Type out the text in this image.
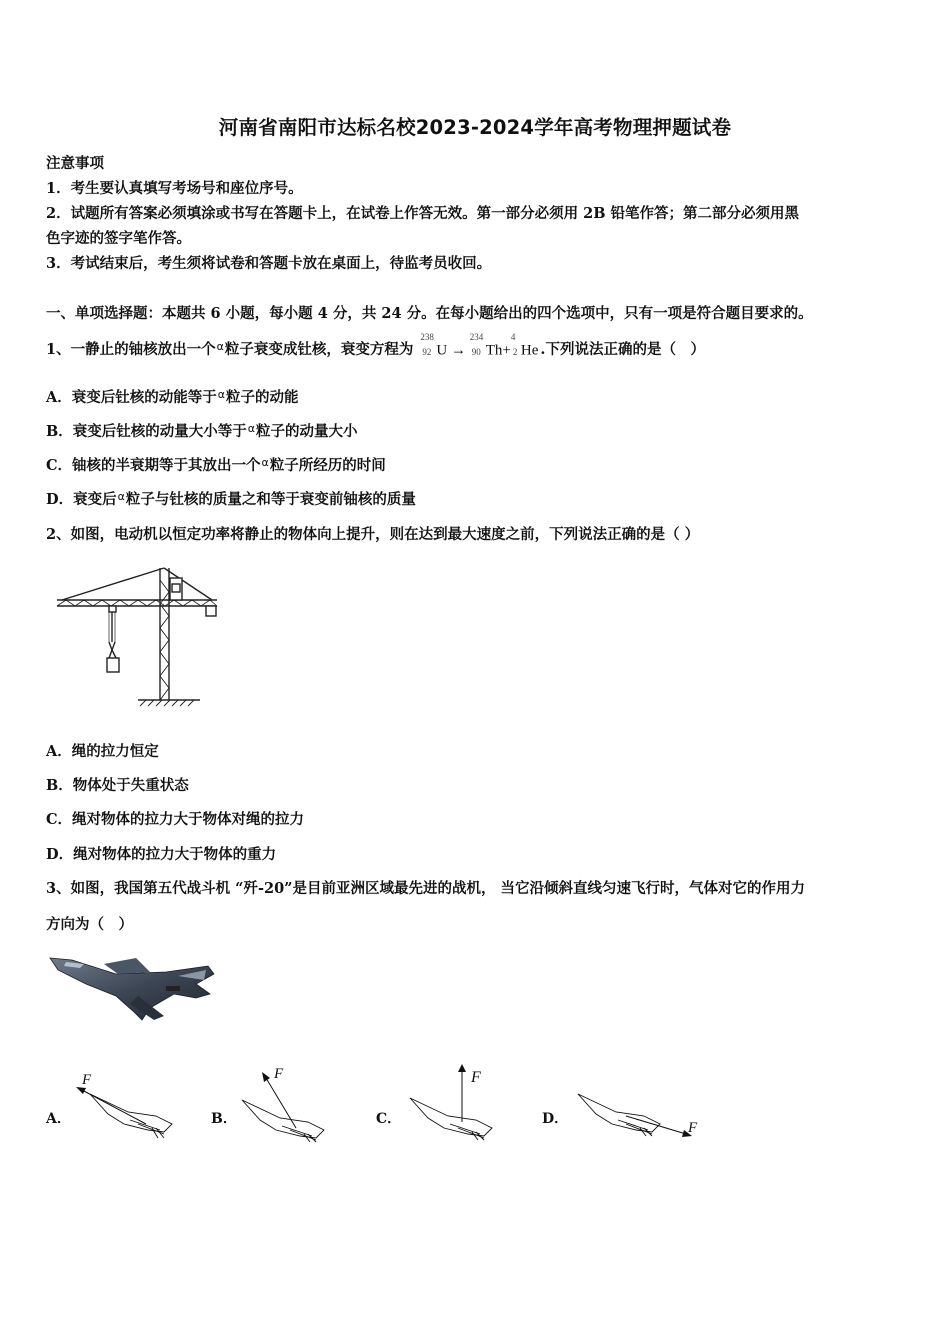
河南省南阳市达标名校2023-2024学年高考物理押题试卷
注意事项
1．考生要认真填写考场号和座位序号。
2．试题所有答案必须填涂或书写在答题卡上，在试卷上作答无效。第一部分必须用 2B 铅笔作答；第二部分必须用黑
色字迹的签字笔作答。
3．考试结束后，考生须将试卷和答题卡放在桌面上，待监考员收回。
一、单项选择题：本题共 6 小题，每小题 4 分，共 24 分。在每小题给出的四个选项中，只有一项是符合题目要求的。
1、一静止的铀核放出一个$^\alpha$粒子衰变成钍核，衰变方程为
238
92 U →
234
90 Th+
4
2 He .下列说法正确的是（　）
A．衰变后钍核的动能等于$^\alpha$粒子的动能
B．衰变后钍核的动量大小等于$^\alpha$粒子的动量大小
C．铀核的半衰期等于其放出一个$^\alpha$粒子所经历的时间
D．衰变后$^\alpha$粒子与钍核的质量之和等于衰变前铀核的质量
2、如图，电动机以恒定功率将静止的物体向上提升，则在达到最大速度之前，下列说法正确的是（ ）
A．绳的拉力恒定
B．物体处于失重状态
C．绳对物体的拉力大于物体对绳的拉力
D．绳对物体的拉力大于物体的重力
3、如图，我国第五代战斗机 “歼-20”是目前亚洲区域最先进的战机， 当它沿倾斜直线匀速飞行时，气体对它的作用力
方向为（　）
A．
F
B．
F
C．
F
D．
F
